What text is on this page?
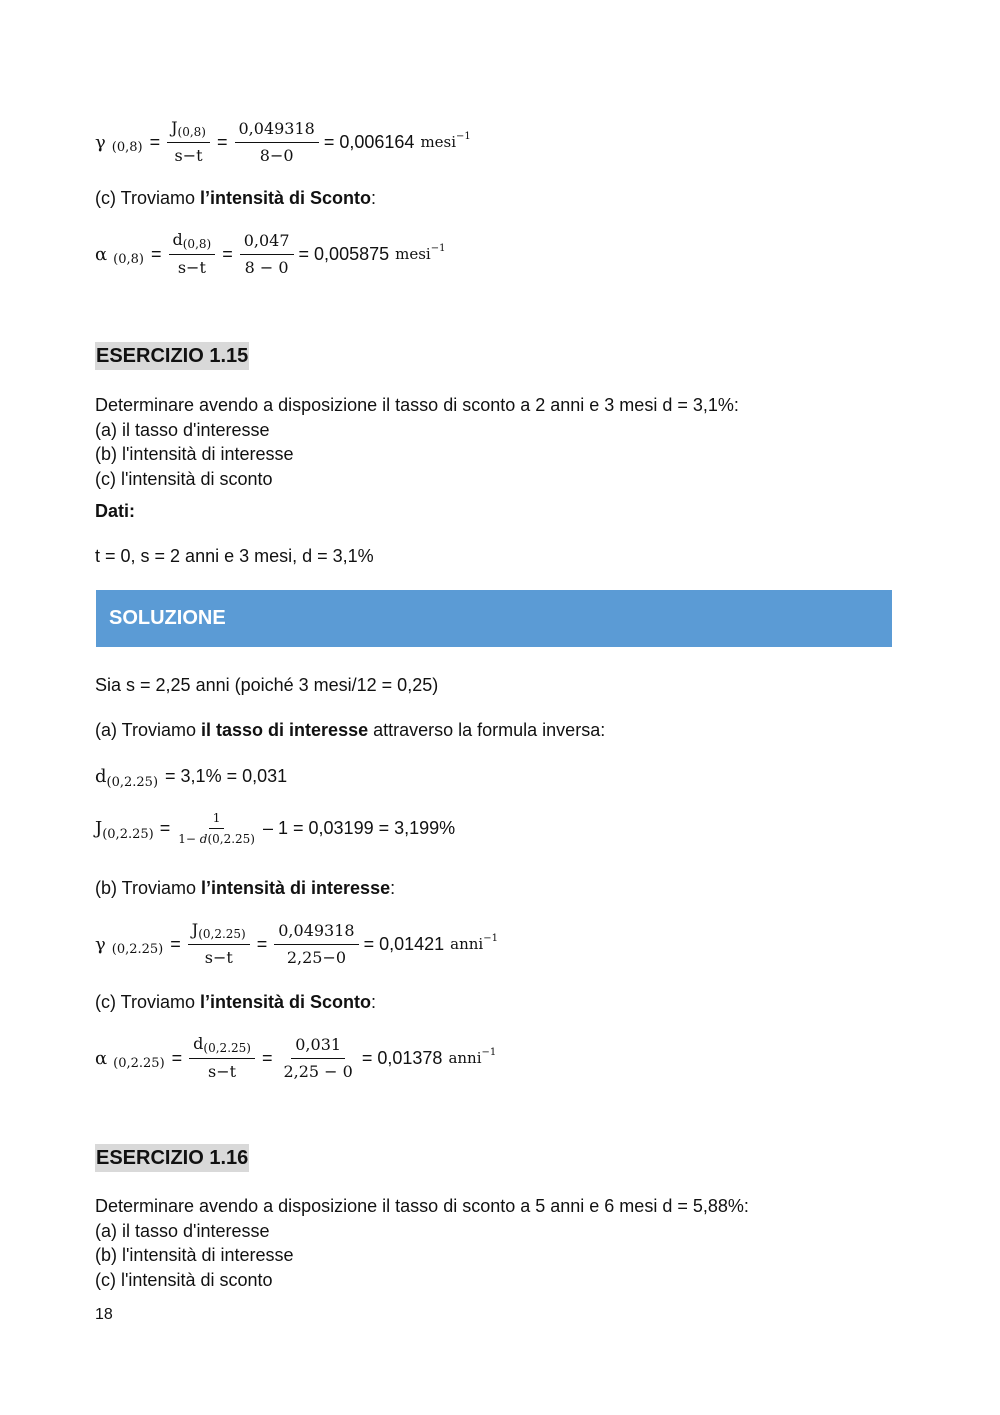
γ $(0,8) = \frac{J(0,8)}{s-t} = \frac{0,049318}{8-0} = 0,006164$ mesi$^{-1}$
(c) Troviamo l’intensità di Sconto:
α $(0,8) = \frac{d(0,8)}{s-t} = \frac{0,047}{8 - 0} = 0,005875$ mesi$^{-1}$
ESERCIZIO 1.15
Determinare avendo a disposizione il tasso di sconto a 2 anni e 3 mesi d = 3,1%:
(a) il tasso d'interesse
(b) l'intensità di interesse
(c) l'intensità di sconto
Dati:
t = 0, s = 2 anni e 3 mesi, d = 3,1%
SOLUZIONE
Sia s = 2,25 anni (poiché 3 mesi/12 = 0,25)
(a) Troviamo il tasso di interesse attraverso la formula inversa:
d (0,2.25) = 3,1% = 0,031
J $(0,2.25) = \frac{1}{1- d(0,2.25)} - 1 = 0,03199 = 3,199\%$
(b) Troviamo l’intensità di interesse:
γ $(0,2.25) = \frac{J(0,2.25)}{s-t} = \frac{0,049318}{2,25-0} = 0,01421$ anni$^{-1}$
(c) Troviamo l’intensità di Sconto:
α $(0,2.25) = \frac{d(0,2.25)}{s-t} = \frac{0,031}{2,25 - 0} = 0,01378$ anni$^{-1}$
ESERCIZIO 1.16
Determinare avendo a disposizione il tasso di sconto a 5 anni e 6 mesi d = 5,88%:
(a) il tasso d'interesse
(b) l'intensità di interesse
(c) l'intensità di sconto
18
